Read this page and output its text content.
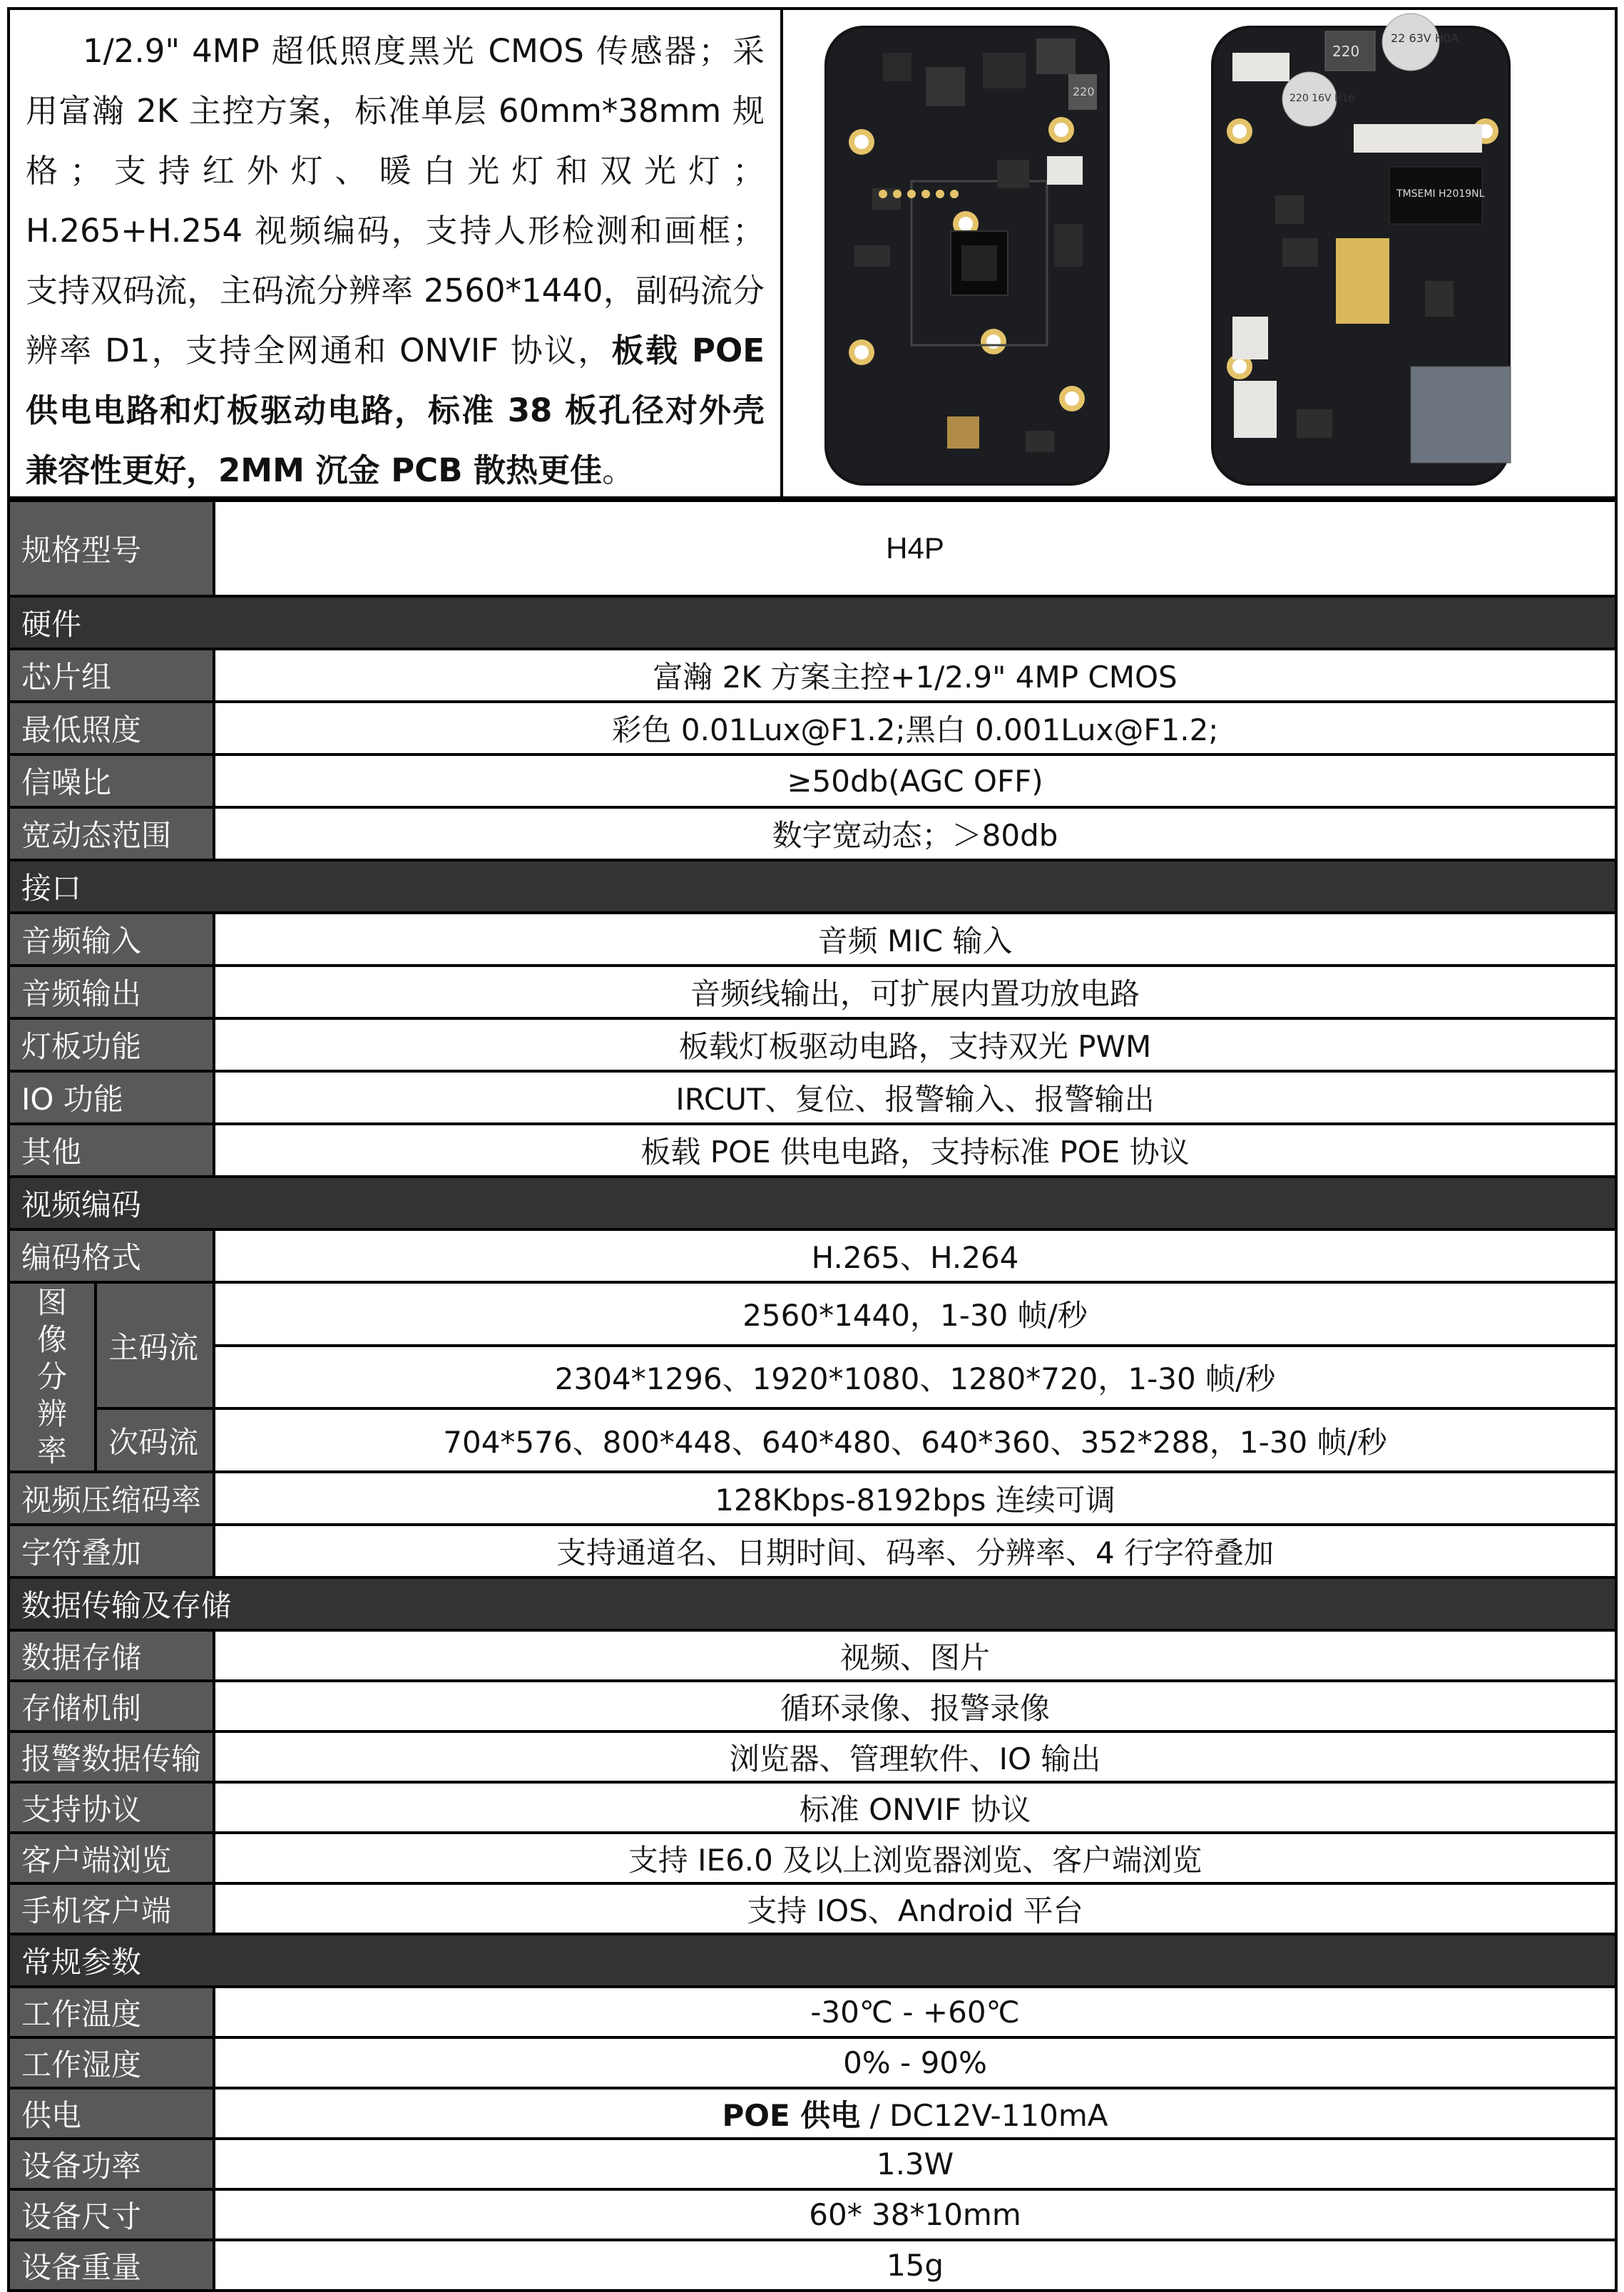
1/2.9" 4MP 超低照度黑光 CMOS 传感器；采用富瀚 2K 主控方案，标准单层 60mm*38mm 规格；支持红外灯、暖白光灯和双光灯；H.265+H.254 视频编码，支持人形检测和画框；支持双码流，主码流分辨率 2560*1440，副码流分辨率 D1，支持全网通和 ONVIF 协议，板载 POE 供电电路和灯板驱动电路，标准 38 板孔径对外壳兼容性更好，2MM 沉金 PCB 散热更佳。

220
220
22 63V H0A
220 16V H16
TMSEMI H2019NL
规格型号		H4P
硬件		
芯片组		富瀚 2K 方案主控+1/2.9" 4MP CMOS
最低照度		彩色 0.01Lux@F1.2;黑白 0.001Lux@F1.2;
信噪比		≥50db(AGC OFF)
宽动态范围		数字宽动态；＞80db
接口		
音频输入		音频 MIC 输入
音频输出		音频线输出，可扩展内置功放电路
灯板功能		板载灯板驱动电路，支持双光 PWM
IO 功能		IRCUT、复位、报警输入、报警输出
其他		板载 POE 供电电路，支持标准 POE 协议
视频编码		
编码格式		H.265、H.264
图
像
分
辨
率	主码流	2560*1440，1-30 帧/秒
		2304*1296、1920*1080、1280*720，1-30 帧/秒
	次码流	704*576、800*448、640*480、640*360、352*288，1-30 帧/秒
视频压缩码率		128Kbps-8192bps 连续可调
字符叠加		支持通道名、日期时间、码率、分辨率、4 行字符叠加
数据传输及存储		
数据存储		视频、图片
存储机制		循环录像、报警录像
报警数据传输		浏览器、管理软件、IO 输出
支持协议		标准 ONVIF 协议
客户端浏览		支持 IE6.0 及以上浏览器浏览、客户端浏览
手机客户端		支持 IOS、Android 平台
常规参数		
工作温度		-30℃ - +60℃
工作湿度		0% - 90%
供电		POE 供电 / DC12V-110mA
设备功率		1.3W
设备尺寸		60* 38*10mm
设备重量		15g
